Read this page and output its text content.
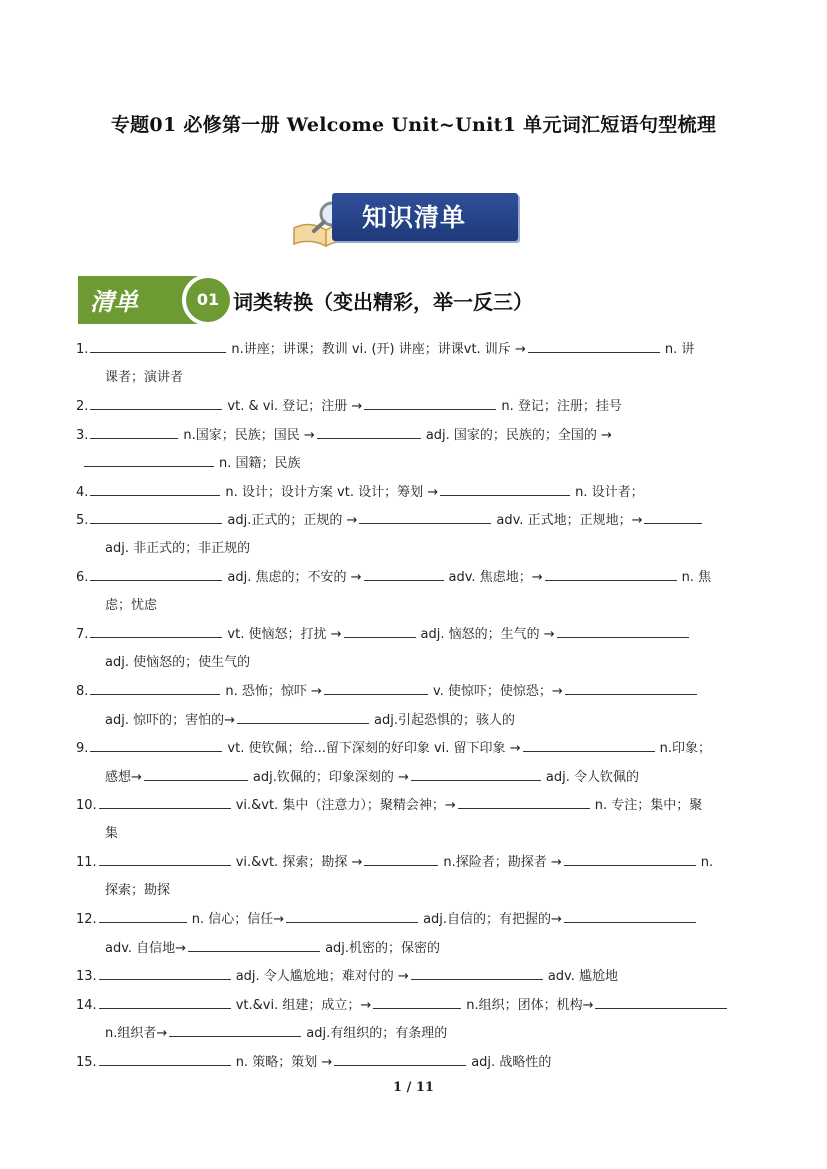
专题01 必修第一册 Welcome Unit~Unit1 单元词汇短语句型梳理
知识清单
清单	01 词类转换（变出精彩，举一反三）
1.	n.讲座；讲课；教训 vi. (开) 讲座；讲课vt. 训斥 →	n. 讲
课者；演讲者
2.	vt. & vi. 登记；注册 →	n. 登记；注册；挂号
3.	n.国家；民族；国民 →	adj. 国家的；民族的；全国的 →
n. 国籍；民族
4.	n. 设计；设计方案 vt. 设计；筹划 →	n. 设计者；
5.	adj.正式的；正规的 →	adv. 正式地；正规地；→
adj. 非正式的；非正规的
6.	adj. 焦虑的；不安的 →	adv. 焦虑地；→	n. 焦
虑；忧虑
7.	vt. 使恼怒；打扰 →	adj. 恼怒的；生气的 →
adj. 使恼怒的；使生气的
8.	n. 恐怖；惊吓 →	v. 使惊吓；使惊恐；→
adj. 惊吓的；害怕的→	adj.引起恐惧的；骇人的
9.	vt. 使钦佩；给...留下深刻的好印象 vi. 留下印象 →	n.印象；
感想→	adj.钦佩的；印象深刻的 →	adj. 令人钦佩的
10.	vi.&vt. 集中（注意力）；聚精会神；→	n. 专注；集中；聚
集
11.	vi.&vt. 探索；勘探 →	n.探险者；勘探者 →	n.
探索；勘探
12.	n. 信心；信任→	adj.自信的；有把握的→
adv. 自信地→	adj.机密的；保密的
13.	adj. 令人尴尬地；难对付的 →	adv. 尴尬地
14.	vt.&vi. 组建；成立；→	n.组织；团体；机构→
n.组织者→	adj.有组织的；有条理的
15.	n. 策略；策划 →	adj. 战略性的
1 / 11
